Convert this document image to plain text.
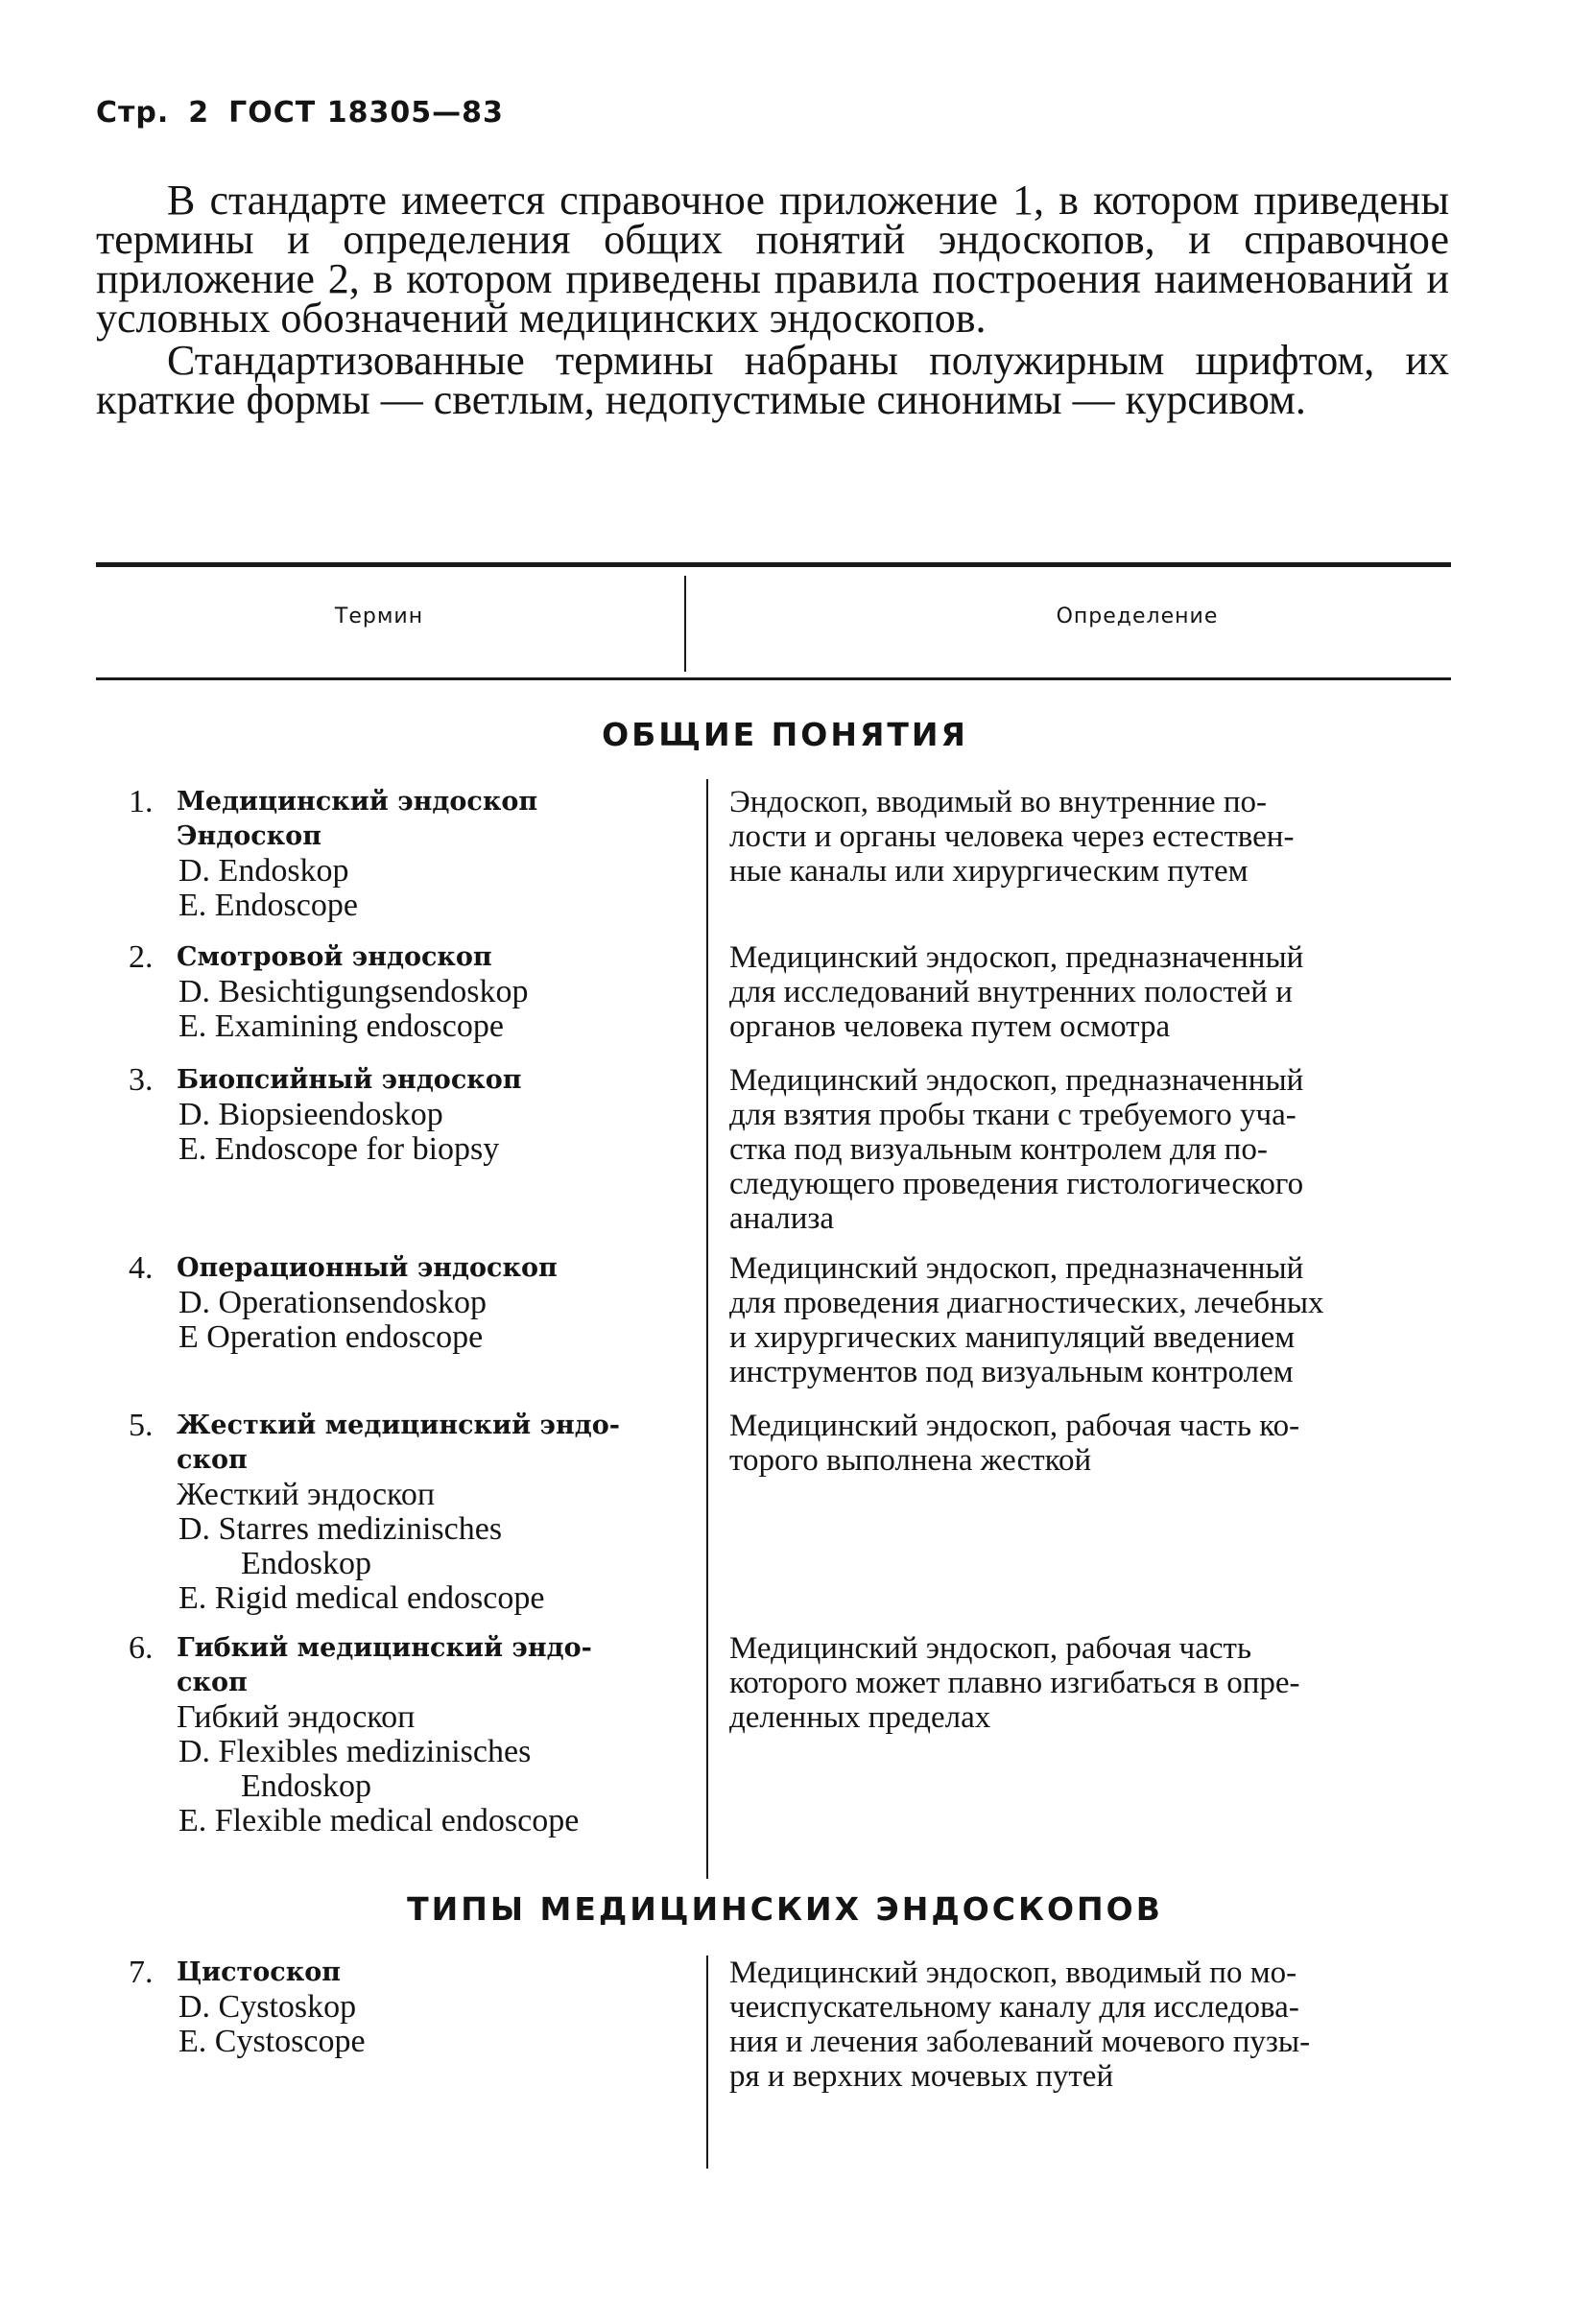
Стр. 2 ГОСТ 18305—83

В стандарте имеется справочное приложение 1, в котором приведены термины и определения общих понятий эндоскопов, и справочное приложение 2, в котором приведены правила построения наименований и условных обозначений медицинских эндоскопов.

Стандартизованные термины набраны полужирным шрифтом, их краткие формы — светлым, недопустимые синонимы — курсивом.

Термин	Определение
ОБЩИЕ ПОНЯТИЯ
1. Медицинский эндоскоп
Эндоскоп
D. Endoskop
E. Endoscope
Эндоскоп, вводимый во внутренние по-
лости и органы человека через естествен-
ные каналы или хирургическим путем
2. Смотровой эндоскоп
D. Besichtigungsendoskop
E. Examining endoscope
Медицинский эндоскоп, предназначенный
для исследований внутренних полостей и
органов человека путем осмотра
3. Биопсийный эндоскоп
D. Biopsieendoskop
E. Endoscope for biopsy
Медицинский эндоскоп, предназначенный
для взятия пробы ткани с требуемого уча-
стка под визуальным контролем для по-
следующего проведения гистологического
анализа
4. Операционный эндоскоп
D. Operationsendoskop
E Operation endoscope
Медицинский эндоскоп, предназначенный
для проведения диагностических, лечебных
и хирургических манипуляций введением
инструментов под визуальным контролем
5. Жесткий медицинский эндо-
скоп
Жесткий эндоскоп
D. Starres medizinisches
Endoskop
E. Rigid medical endoscope
Медицинский эндоскоп, рабочая часть ко-
торого выполнена жесткой
6. Гибкий медицинский эндо-
скоп
Гибкий эндоскоп
D. Flexibles medizinisches
Endoskop
E. Flexible medical endoscope
Медицинский эндоскоп, рабочая часть
которого может плавно изгибаться в опре-
деленных пределах
ТИПЫ МЕДИЦИНСКИХ ЭНДОСКОПОВ
7. Цистоскоп
D. Cystoskop
E. Cystoscope
Медицинский эндоскоп, вводимый по мо-
чеиспускательному каналу для исследова-
ния и лечения заболеваний мочевого пузы-
ря и верхних мочевых путей
